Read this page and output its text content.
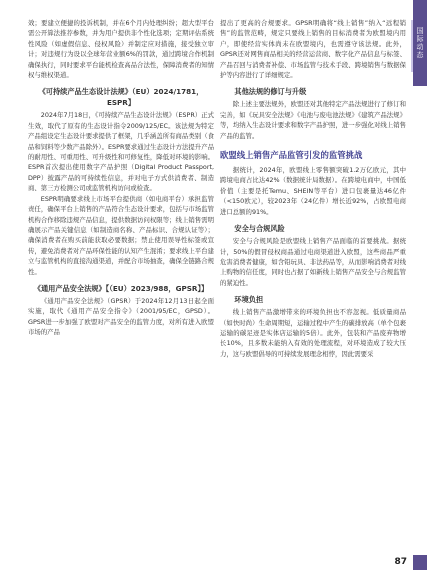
国际动态

效；要建立便捷的投诉机制，并在6个月内处理纠纷；超大型平台需公开算法推荐参数，并为用户提供非个性化选项；定期评估系统性风险（如虚假信息、侵权风险）并制定应对措施，接受独立审计；对违规行为设以全球年营业额6%的罚款，通过跨境合作机制确保执行，同时要求平台能机检查高品合法性，保障消费者的知情权与维权渠道。

《可持续产品生态设计法规》（EU）2024/1781，ESPR】

2024年7月18日，《可持续产品生态设计法规》（ESPR）正式生效，取代了原有的生态设计指令2009/125/EC。该法规为特定产品组设定生态设计要求提供了框架，几乎涵盖所有商品类别（食品和饲料等少数产品除外）。ESPR要求通过生态设计方法提升产品的耐用性、可重用性、可升级性和可修复性，降低对环境的影响。ESPR首次提出使用数字产品护照（Digital Product Passport, DPP）披露产品的可持续性信息，并对电子方式供消费者、制造商、第三方检测公司或监管机构访问或检查。

ESPR明确要求线上市场平台提供商（如电商平台）承担监管责任，确保平台上销售的产品符合生态设计要求，包括与市场监管机构合作移除违规产品信息，提供数据访问权限等；线上销售需明确展示产品关键信息（如制造商名称、产品标识、合规认证等）；确保消费者在购买前能获取必要数据；禁止使用误导性标签或宣传，避免消费者对产品环保性能的认知产生混淆；要求线上平台建立与监管机构的直接沟通渠道，并配合市场抽查，确保全链路合规性。

《通用产品安全法规》【（EU）2023/988，GPSR】】

《通用产品安全法规》（GPSR）于2024年12月13日起全面实施，取代《通用产品安全指令》（2001/95/EC，GPSD）。GPSR进一步加强了欧盟对产品安全的监管力度，对所有进入欧盟市场的产品

提出了更高的合规要求。GPSR明确将“线上销售”纳入“远程销售”的监管范畴，规定只要线上销售的目标消费者为欧盟境内用户，即使经营实体尚未在欧盟境内，也需遵守该法规。此外，GPSR还对网售商品相关的经营运营商、数字化产品信息与标签、产品召回与消费者补偿、市场监管与技术手段、跨境销售与数据保护等内容进行了详细规定。

其他法规的修订与升级

除上述主要法规外，欧盟还对其他特定产品法规进行了修订和完善，如《玩具安全法规》《电池与废电池法规》《建筑产品法规》等，均纳入生态设计要求和数字产品护照，进一步强化对线上销售产品的监管。

欧盟线上销售产品监管引发的监管挑战

据统计，2024年，欧盟线上零售额突破1.2万亿欧元，其中跨境电商占比达42%（数据统计局数据）。在跨境电商中，中国低价值（主要是托Temu、SHEIN等平台）进口包裹量达46亿件（<150欧元），较2023年（24亿件）增长近92%，占欧盟电商进口总额的91%。

安全与合规风险

安全与合规风险是欧盟线上销售产品面临的首要挑战。据统计，50%的假冒侵权商品通过电商渠道进入欧盟，这些商品严重危害消费者健康，如含铅玩具、非法药品等，从而影响消费者对线上购物的信任度，同时也占据了如新线上销售产品安全与合规监管的紧迫性。

环境负担

线上销售产品激增带来的环境负担也不容忽视。低质量商品（如快时尚）生命周期短，运输过程中产生的碳排放高（单个包裹运输的碳足迹是实体店运输的5倍）。此外，包装和产品废弃物增长10%，且多数未能纳入有效的处理流程，对环境造成了较大压力，这与欧盟倡导的可持续发展理念相悖，因此需要采

87
